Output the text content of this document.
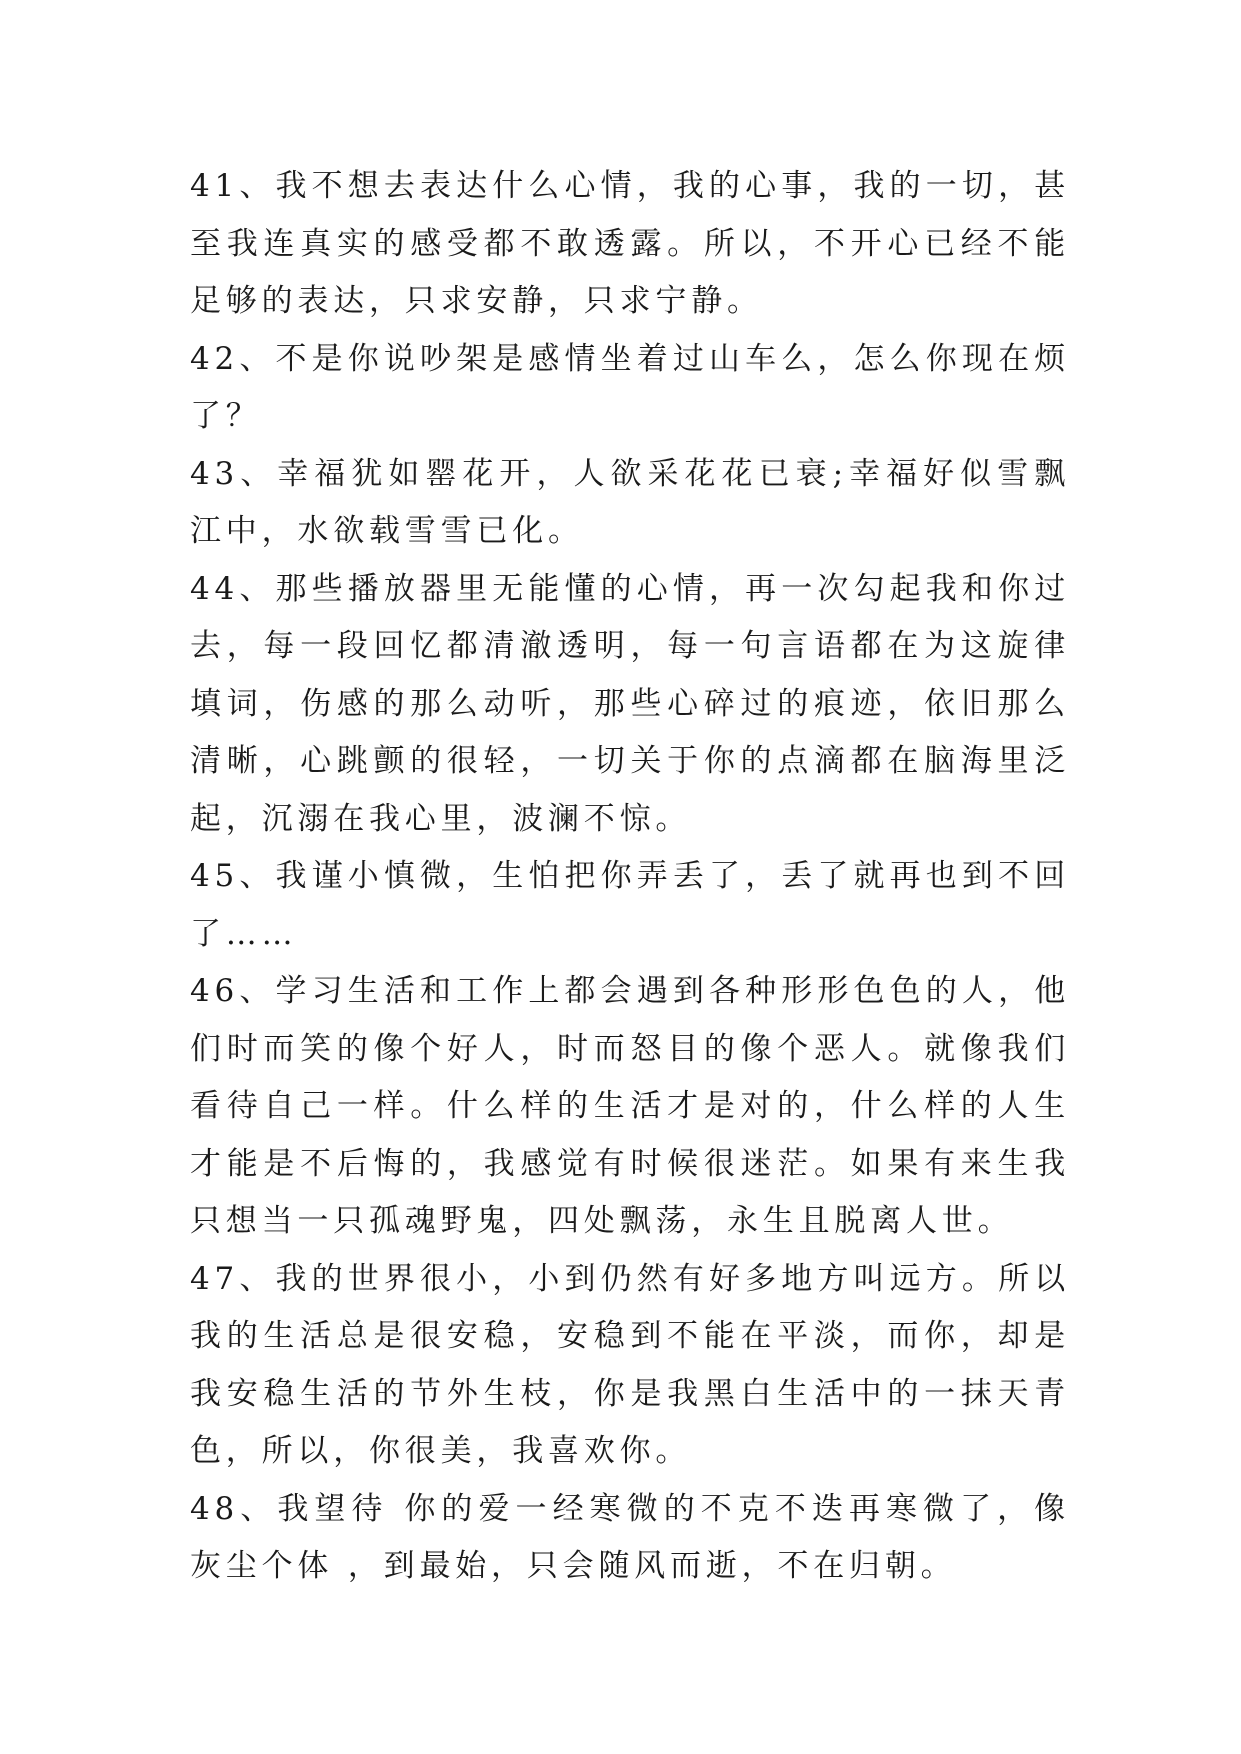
41、我不想去表达什么心情，我的心事，我的一切，甚至我连真实的感受都不敢透露。所以，不开心已经不能足够的表达，只求安静，只求宁静。

42、不是你说吵架是感情坐着过山车么，怎么你现在烦了？

43、幸福犹如罂花开，人欲采花花已衰;幸福好似雪飘江中，水欲载雪雪已化。

44、那些播放器里无能懂的心情，再一次勾起我和你过去，每一段回忆都清澈透明，每一句言语都在为这旋律填词，伤感的那么动听，那些心碎过的痕迹，依旧那么清晰，心跳颤的很轻，一切关于你的点滴都在脑海里泛起，沉溺在我心里，波澜不惊。

45、我谨小慎微，生怕把你弄丢了，丢了就再也到不回了……

46、学习生活和工作上都会遇到各种形形色色的人，他们时而笑的像个好人，时而怒目的像个恶人。就像我们看待自己一样。什么样的生活才是对的，什么样的人生才能是不后悔的，我感觉有时候很迷茫。如果有来生我只想当一只孤魂野鬼，四处飘荡，永生且脱离人世。

47、我的世界很小，小到仍然有好多地方叫远方。所以我的生活总是很安稳，安稳到不能在平淡，而你，却是我安稳生活的节外生枝，你是我黑白生活中的一抹天青色，所以，你很美，我喜欢你。

48、我望待 你的爱一经寒微的不克不迭再寒微了，像灰尘个体 ，到最始，只会随风而逝，不在归朝。
